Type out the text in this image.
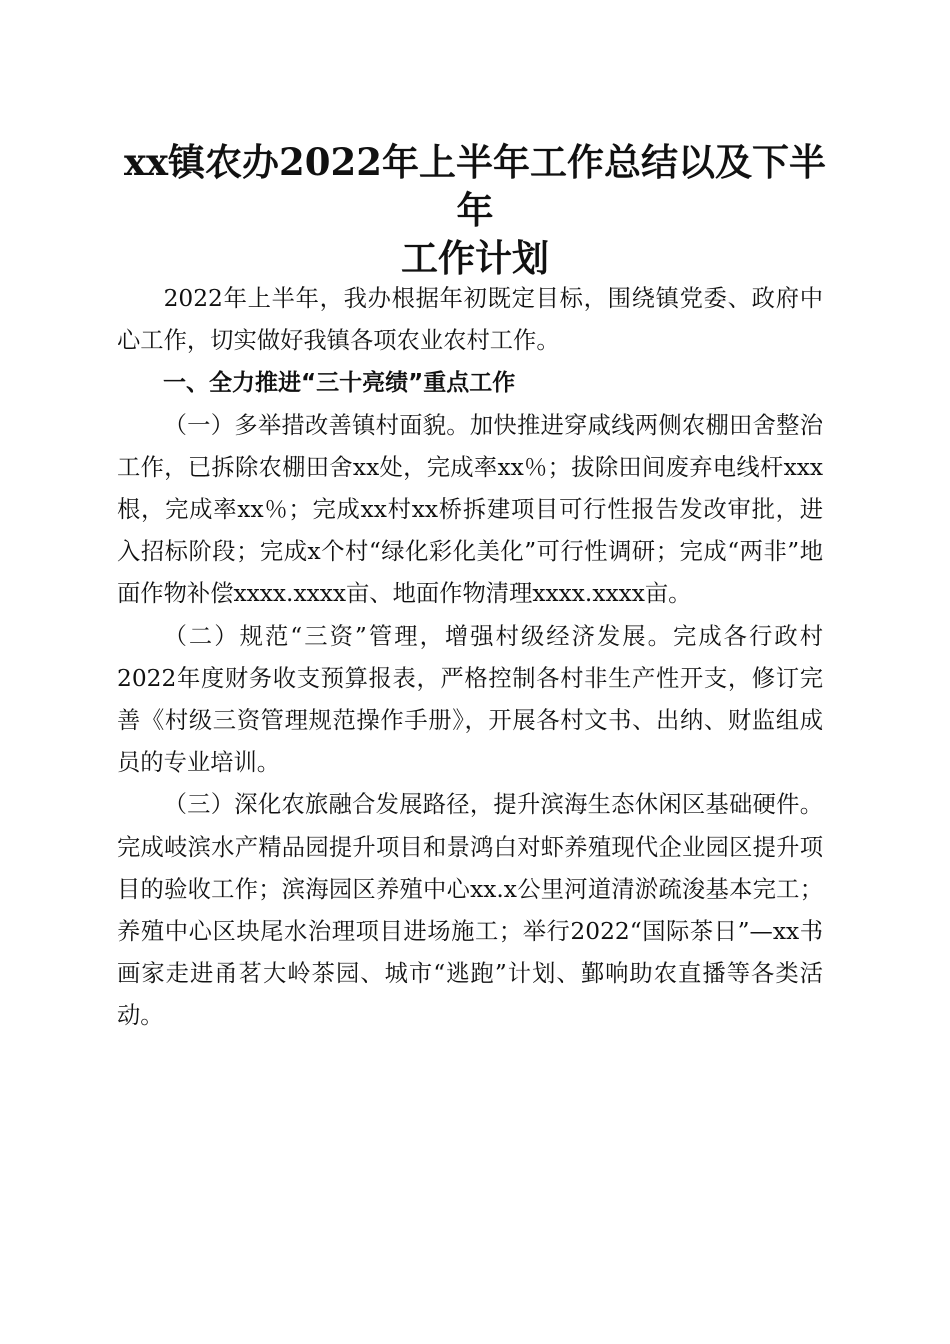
xx镇农办2022年上半年工作总结以及下半年
工作计划

2022年上半年，我办根据年初既定目标，围绕镇党委、政府中心工作，切实做好我镇各项农业农村工作。

一、全力推进“三十亮绩”重点工作

（一）多举措改善镇村面貌。加快推进穿咸线两侧农棚田舍整治工作，已拆除农棚田舍xx处，完成率xx％；拔除田间废弃电线杆xxx根，完成率xx％；完成xx村xx桥拆建项目可行性报告发改审批，进入招标阶段；完成x个村“绿化彩化美化”可行性调研；完成“两非”地面作物补偿xxxx.xxxx亩、地面作物清理xxxx.xxxx亩。

（二）规范“三资”管理，增强村级经济发展。完成各行政村2022年度财务收支预算报表，严格控制各村非生产性开支，修订完善《村级三资管理规范操作手册》，开展各村文书、出纳、财监组成员的专业培训。

（三）深化农旅融合发展路径，提升滨海生态休闲区基础硬件。完成岐滨水产精品园提升项目和景鸿白对虾养殖现代企业园区提升项目的验收工作；滨海园区养殖中心xx.x公里河道清淤疏浚基本完工；养殖中心区块尾水治理项目进场施工；举行2022“国际茶日”—xx书画家走进甬茗大岭茶园、城市“逃跑”计划、鄞响助农直播等各类活动。
